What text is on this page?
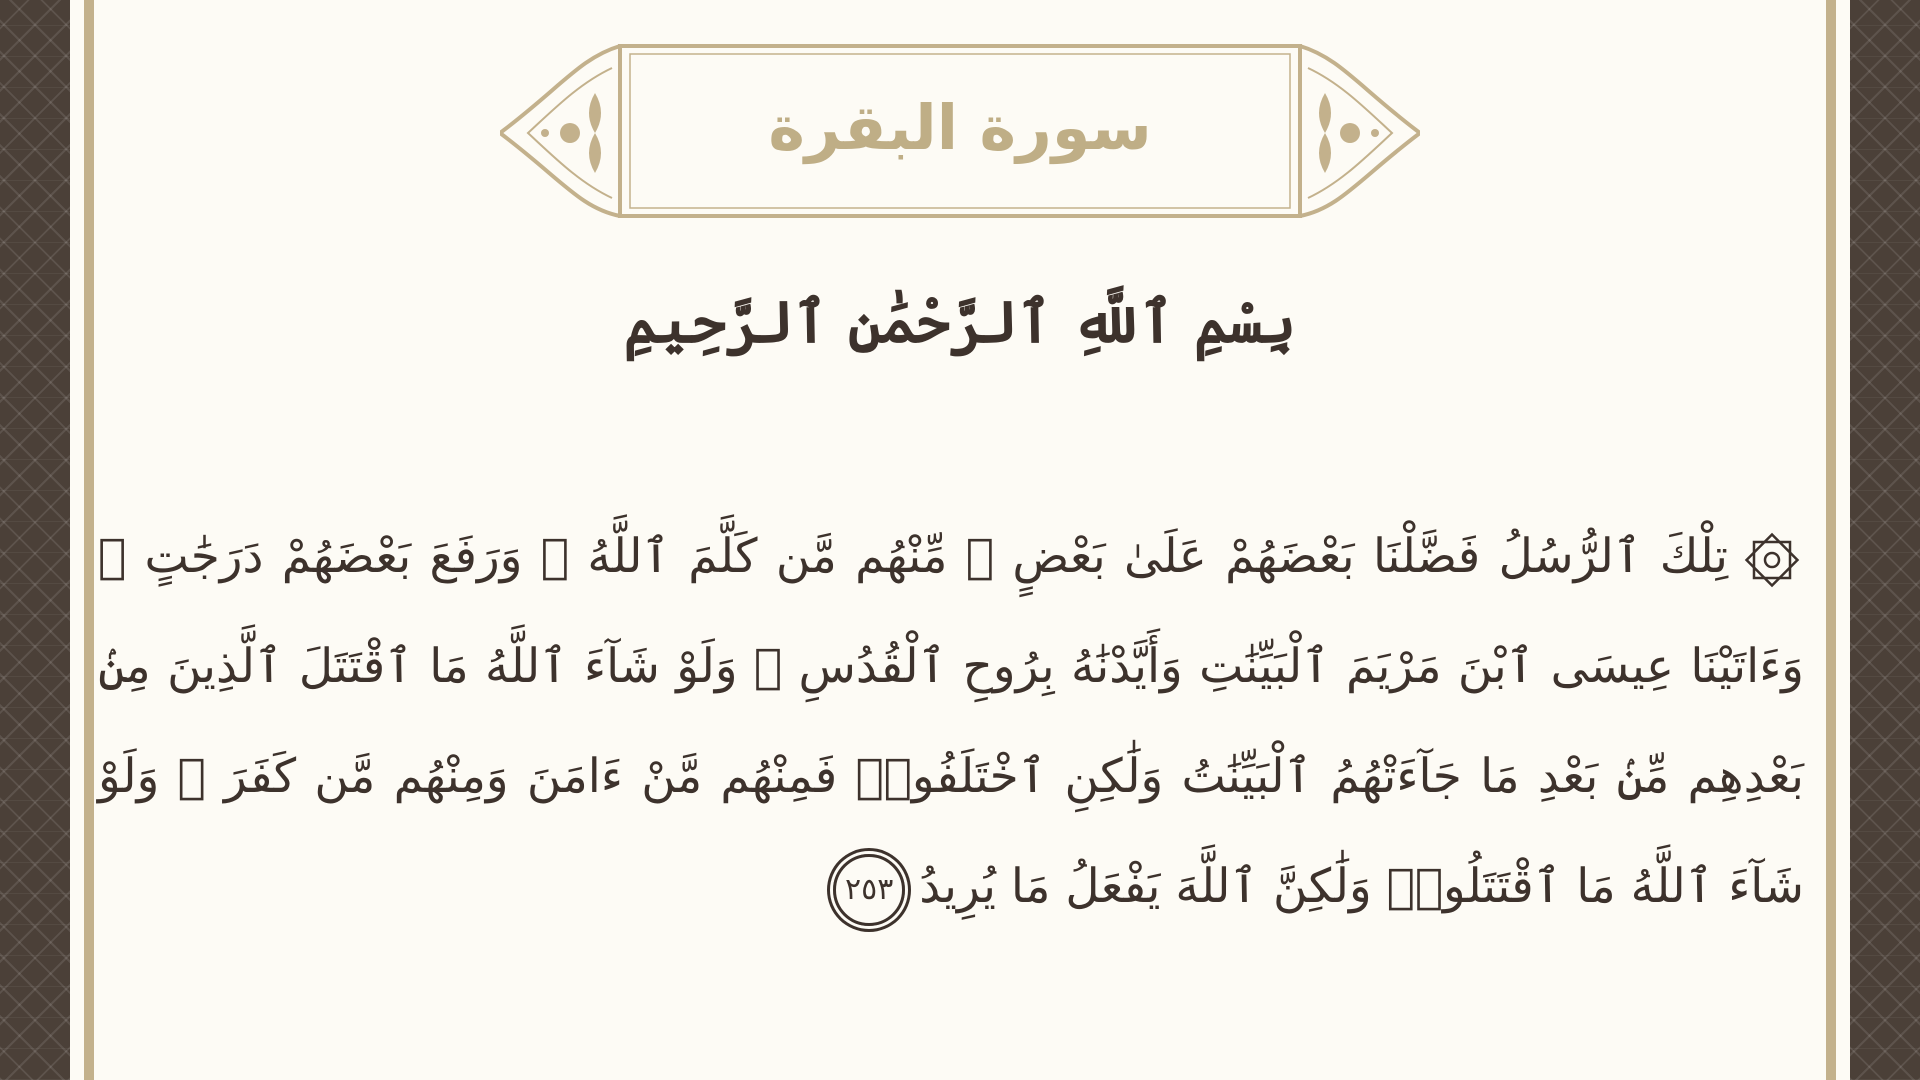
سورة البقرة
بِسْمِ ٱللَّهِ ٱلرَّحْمَٰنِ ٱلرَّحِيمِ
تِلْكَ ٱلرُّسُلُ فَضَّلْنَا بَعْضَهُمْ عَلَىٰ بَعْضٍ ۘ مِّنْهُم مَّن كَلَّمَ ٱللَّهُ ۖ وَرَفَعَ بَعْضَهُمْ دَرَجَٰتٍ ۚ وَءَاتَيْنَا عِيسَى ٱبْنَ مَرْيَمَ ٱلْبَيِّنَٰتِ وَأَيَّدْنَٰهُ بِرُوحِ ٱلْقُدُسِ ۗ وَلَوْ شَآءَ ٱللَّهُ مَا ٱقْتَتَلَ ٱلَّذِينَ مِنۢ بَعْدِهِم مِّنۢ بَعْدِ مَا جَآءَتْهُمُ ٱلْبَيِّنَٰتُ وَلَٰكِنِ ٱخْتَلَفُوا۟ فَمِنْهُم مَّنْ ءَامَنَ وَمِنْهُم مَّن كَفَرَ ۚ وَلَوْ شَآءَ ٱللَّهُ مَا ٱقْتَتَلُوا۟ وَلَٰكِنَّ ٱللَّهَ يَفْعَلُ مَا يُرِيدُ٢٥٣
